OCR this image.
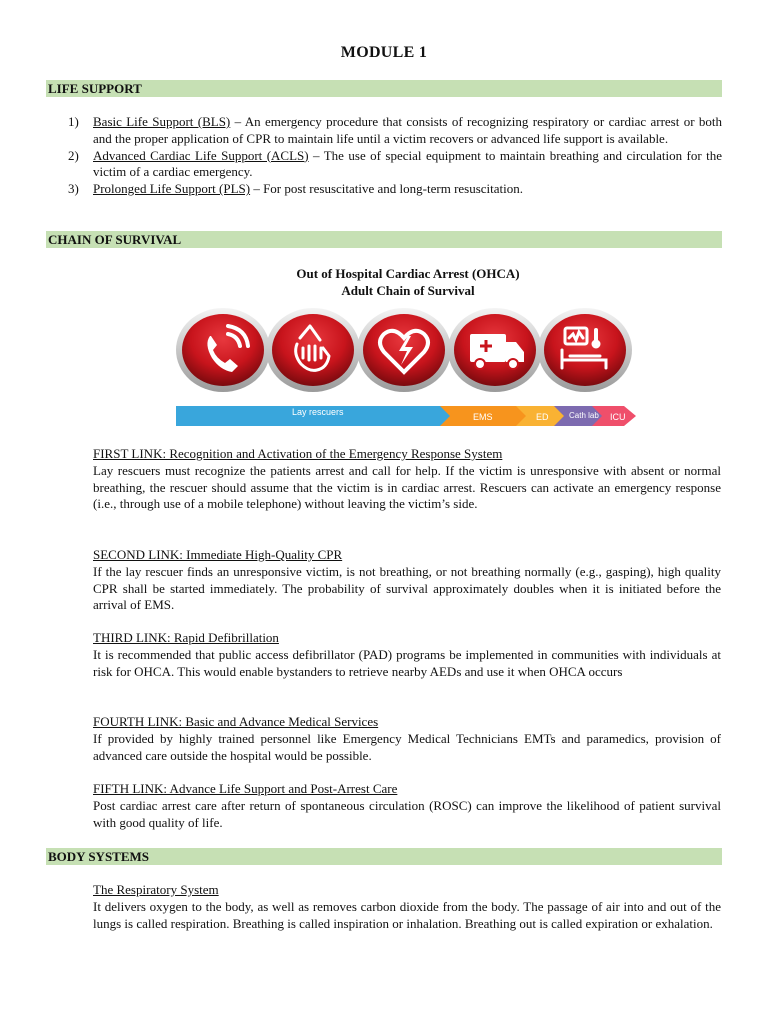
MODULE 1
LIFE SUPPORT
1)	Basic Life Support (BLS) – An emergency procedure that consists of recognizing respiratory or cardiac arrest or both and the proper application of CPR to maintain life until a victim recovers or advanced life support is available.
2)	Advanced Cardiac Life Support (ACLS) – The use of special equipment to maintain breathing and circulation for the victim of a cardiac emergency.
3)	Prolonged Life Support (PLS) – For post resuscitative and long-term resuscitation.
CHAIN OF SURVIVAL
Out of Hospital Cardiac Arrest (OHCA)
Adult Chain of Survival
Lay rescuers	EMS	ED	Cath lab ICU
FIRST LINK: Recognition and Activation of the Emergency Response System
Lay rescuers must recognize the patients arrest and call for help. If the victim is unresponsive with absent or normal breathing, the rescuer should assume that the victim is in cardiac arrest. Rescuers can activate an emergency response (i.e., through use of a mobile telephone) without leaving the victim’s side.
SECOND LINK: Immediate High-Quality CPR
If the lay rescuer finds an unresponsive victim, is not breathing, or not breathing normally (e.g., gasping), high quality CPR shall be started immediately. The probability of survival approximately doubles when it is initiated before the arrival of EMS.
THIRD LINK: Rapid Defibrillation
It is recommended that public access defibrillator (PAD) programs be implemented in communities with individuals at risk for OHCA. This would enable bystanders to retrieve nearby AEDs and use it when OHCA occurs
FOURTH LINK: Basic and Advance Medical Services
If provided by highly trained personnel like Emergency Medical Technicians EMTs and paramedics, provision of advanced care outside the hospital would be possible.
FIFTH LINK: Advance Life Support and Post-Arrest Care
Post cardiac arrest care after return of spontaneous circulation (ROSC) can improve the likelihood of patient survival with good quality of life.
BODY SYSTEMS
The Respiratory System
It delivers oxygen to the body, as well as removes carbon dioxide from the body. The passage of air into and out of the lungs is called respiration. Breathing is called inspiration or inhalation. Breathing out is called expiration or exhalation.
